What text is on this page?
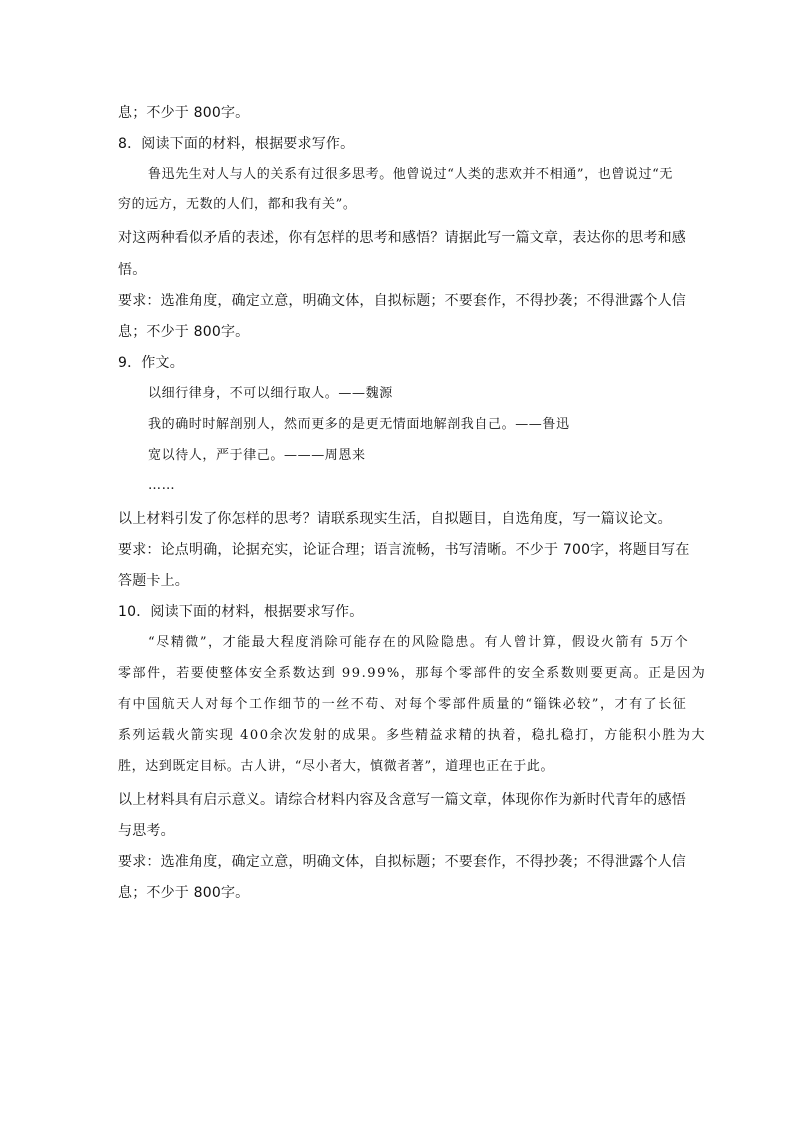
息；不少于 800字。
8．阅读下面的材料，根据要求写作。
鲁迅先生对人与人的关系有过很多思考。他曾说过“人类的悲欢并不相通”，也曾说过“无
穷的远方，无数的人们，都和我有关”。
对这两种看似矛盾的表述，你有怎样的思考和感悟？请据此写一篇文章，表达你的思考和感
悟。
要求：选准角度，确定立意，明确文体，自拟标题；不要套作，不得抄袭；不得泄露个人信
息；不少于 800字。
9．作文。
以细行律身，不可以细行取人。——魏源
我的确时时解剖别人，然而更多的是更无情面地解剖我自己。——鲁迅
宽以待人，严于律己。———周恩来
……
以上材料引发了你怎样的思考？请联系现实生活，自拟题目，自选角度，写一篇议论文。
要求：论点明确，论据充实，论证合理；语言流畅，书写清晰。不少于 700字，将题目写在
答题卡上。
10．阅读下面的材料，根据要求写作。
“尽精微”，才能最大程度消除可能存在的风险隐患。有人曾计算，假设火箭有 5万个
零部件，若要使整体安全系数达到 99.99%，那每个零部件的安全系数则要更高。正是因为
有中国航天人对每个工作细节的一丝不苟、对每个零部件质量的“锱铢必较”，才有了长征
系列运载火箭实现 400余次发射的成果。多些精益求精的执着，稳扎稳打，方能积小胜为大
胜，达到既定目标。古人讲，“尽小者大，慎微者著”，道理也正在于此。
以上材料具有启示意义。请综合材料内容及含意写一篇文章，体现你作为新时代青年的感悟
与思考。
要求：选准角度，确定立意，明确文体，自拟标题；不要套作，不得抄袭；不得泄露个人信
息；不少于 800字。
